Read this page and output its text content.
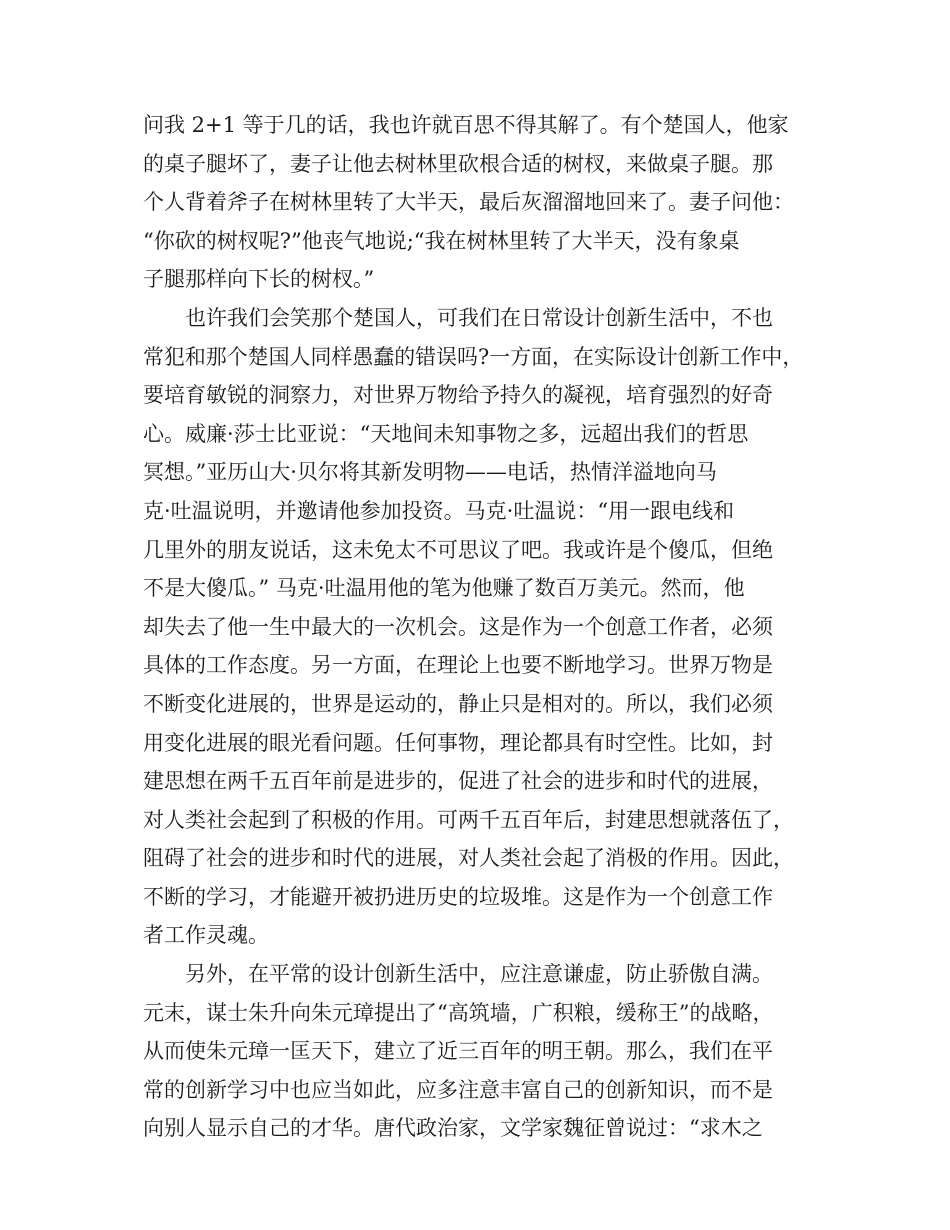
问我 2+1 等于几的话，我也许就百思不得其解了。有个楚国人，他家
的桌子腿坏了，妻子让他去树林里砍根合适的树杈，来做桌子腿。那
个人背着斧子在树林里转了大半天，最后灰溜溜地回来了。妻子问他：
“你砍的树杈呢?”他丧气地说;“我在树林里转了大半天，没有象桌
子腿那样向下长的树杈。”
也许我们会笑那个楚国人，可我们在日常设计创新生活中，不也
常犯和那个楚国人同样愚蠢的错误吗?一方面，在实际设计创新工作中，
要培育敏锐的洞察力，对世界万物给予持久的凝视，培育强烈的好奇
心。威廉·莎士比亚说：“天地间未知事物之多，远超出我们的哲思
冥想。”亚历山大·贝尔将其新发明物——电话，热情洋溢地向马
克·吐温说明，并邀请他参加投资。马克·吐温说：“用一跟电线和
几里外的朋友说话，这未免太不可思议了吧。我或许是个傻瓜，但绝
不是大傻瓜。” 马克·吐温用他的笔为他赚了数百万美元。然而，他
却失去了他一生中最大的一次机会。这是作为一个创意工作者，必须
具体的工作态度。另一方面，在理论上也要不断地学习。世界万物是
不断变化进展的，世界是运动的，静止只是相对的。所以，我们必须
用变化进展的眼光看问题。任何事物，理论都具有时空性。比如，封
建思想在两千五百年前是进步的，促进了社会的进步和时代的进展，
对人类社会起到了积极的作用。可两千五百年后，封建思想就落伍了，
阻碍了社会的进步和时代的进展，对人类社会起了消极的作用。因此，
不断的学习，才能避开被扔进历史的垃圾堆。这是作为一个创意工作
者工作灵魂。
另外，在平常的设计创新生活中，应注意谦虚，防止骄傲自满。
元末，谋士朱升向朱元璋提出了“高筑墙，广积粮，缓称王”的战略，
从而使朱元璋一匡天下，建立了近三百年的明王朝。那么，我们在平
常的创新学习中也应当如此，应多注意丰富自己的创新知识，而不是
向别人显示自己的才华。唐代政治家，文学家魏征曾说过：“求木之
